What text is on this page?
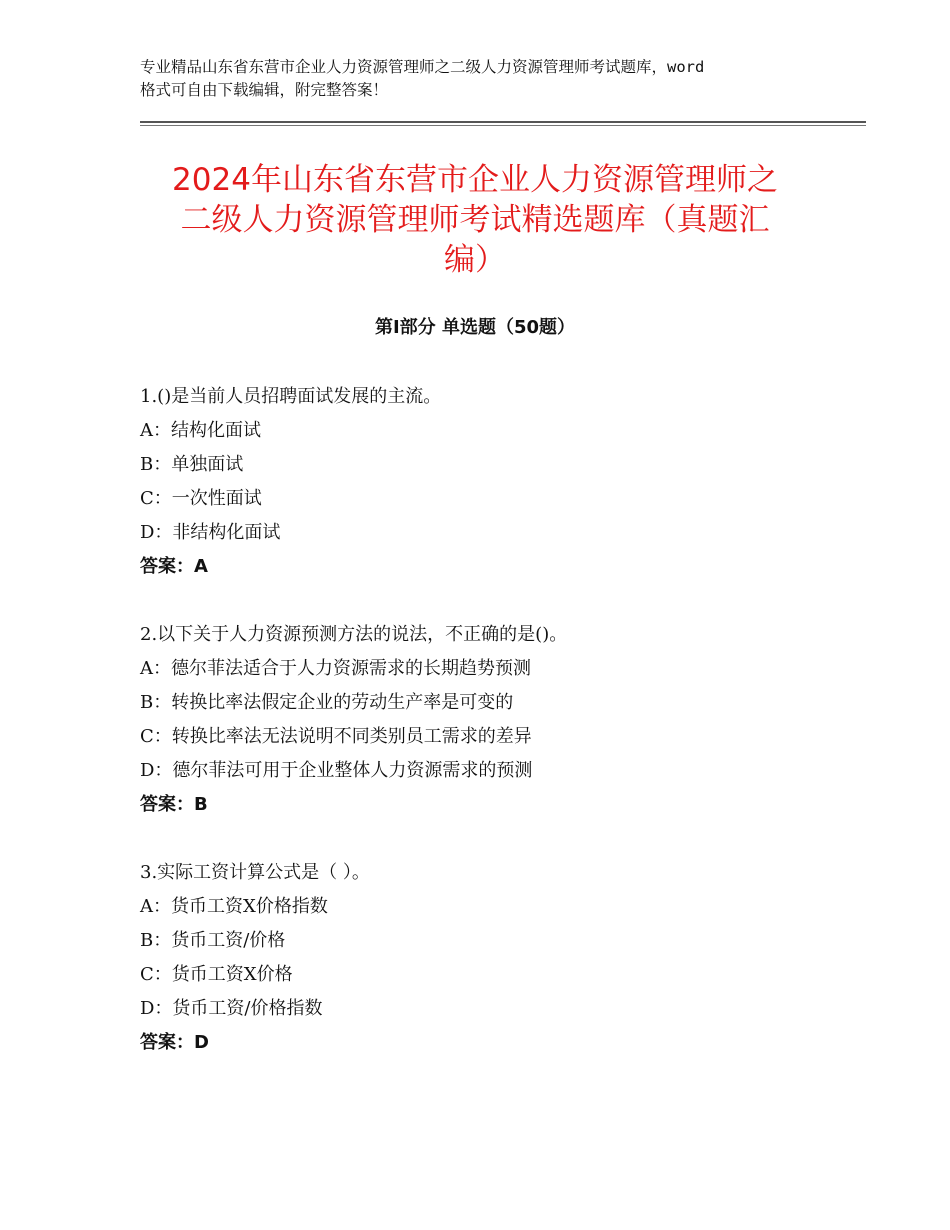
专业精品山东省东营市企业人力资源管理师之二级人力资源管理师考试题库，word
格式可自由下载编辑，附完整答案！
2024年山东省东营市企业人力资源管理师之
二级人力资源管理师考试精选题库（真题汇
编）
第Ⅰ部分 单选题（50题）
1.()是当前人员招聘面试发展的主流。
A：结构化面试
B：单独面试
C：一次性面试
D：非结构化面试
答案：A
2.以下关于人力资源预测方法的说法，不正确的是()。
A：德尔菲法适合于人力资源需求的长期趋势预测
B：转换比率法假定企业的劳动生产率是可变的
C：转换比率法无法说明不同类别员工需求的差异
D：德尔菲法可用于企业整体人力资源需求的预测
答案：B
3.实际工资计算公式是（ ）。
A：货币工资X价格指数
B：货币工资/价格
C：货币工资X价格
D：货币工资/价格指数
答案：D
